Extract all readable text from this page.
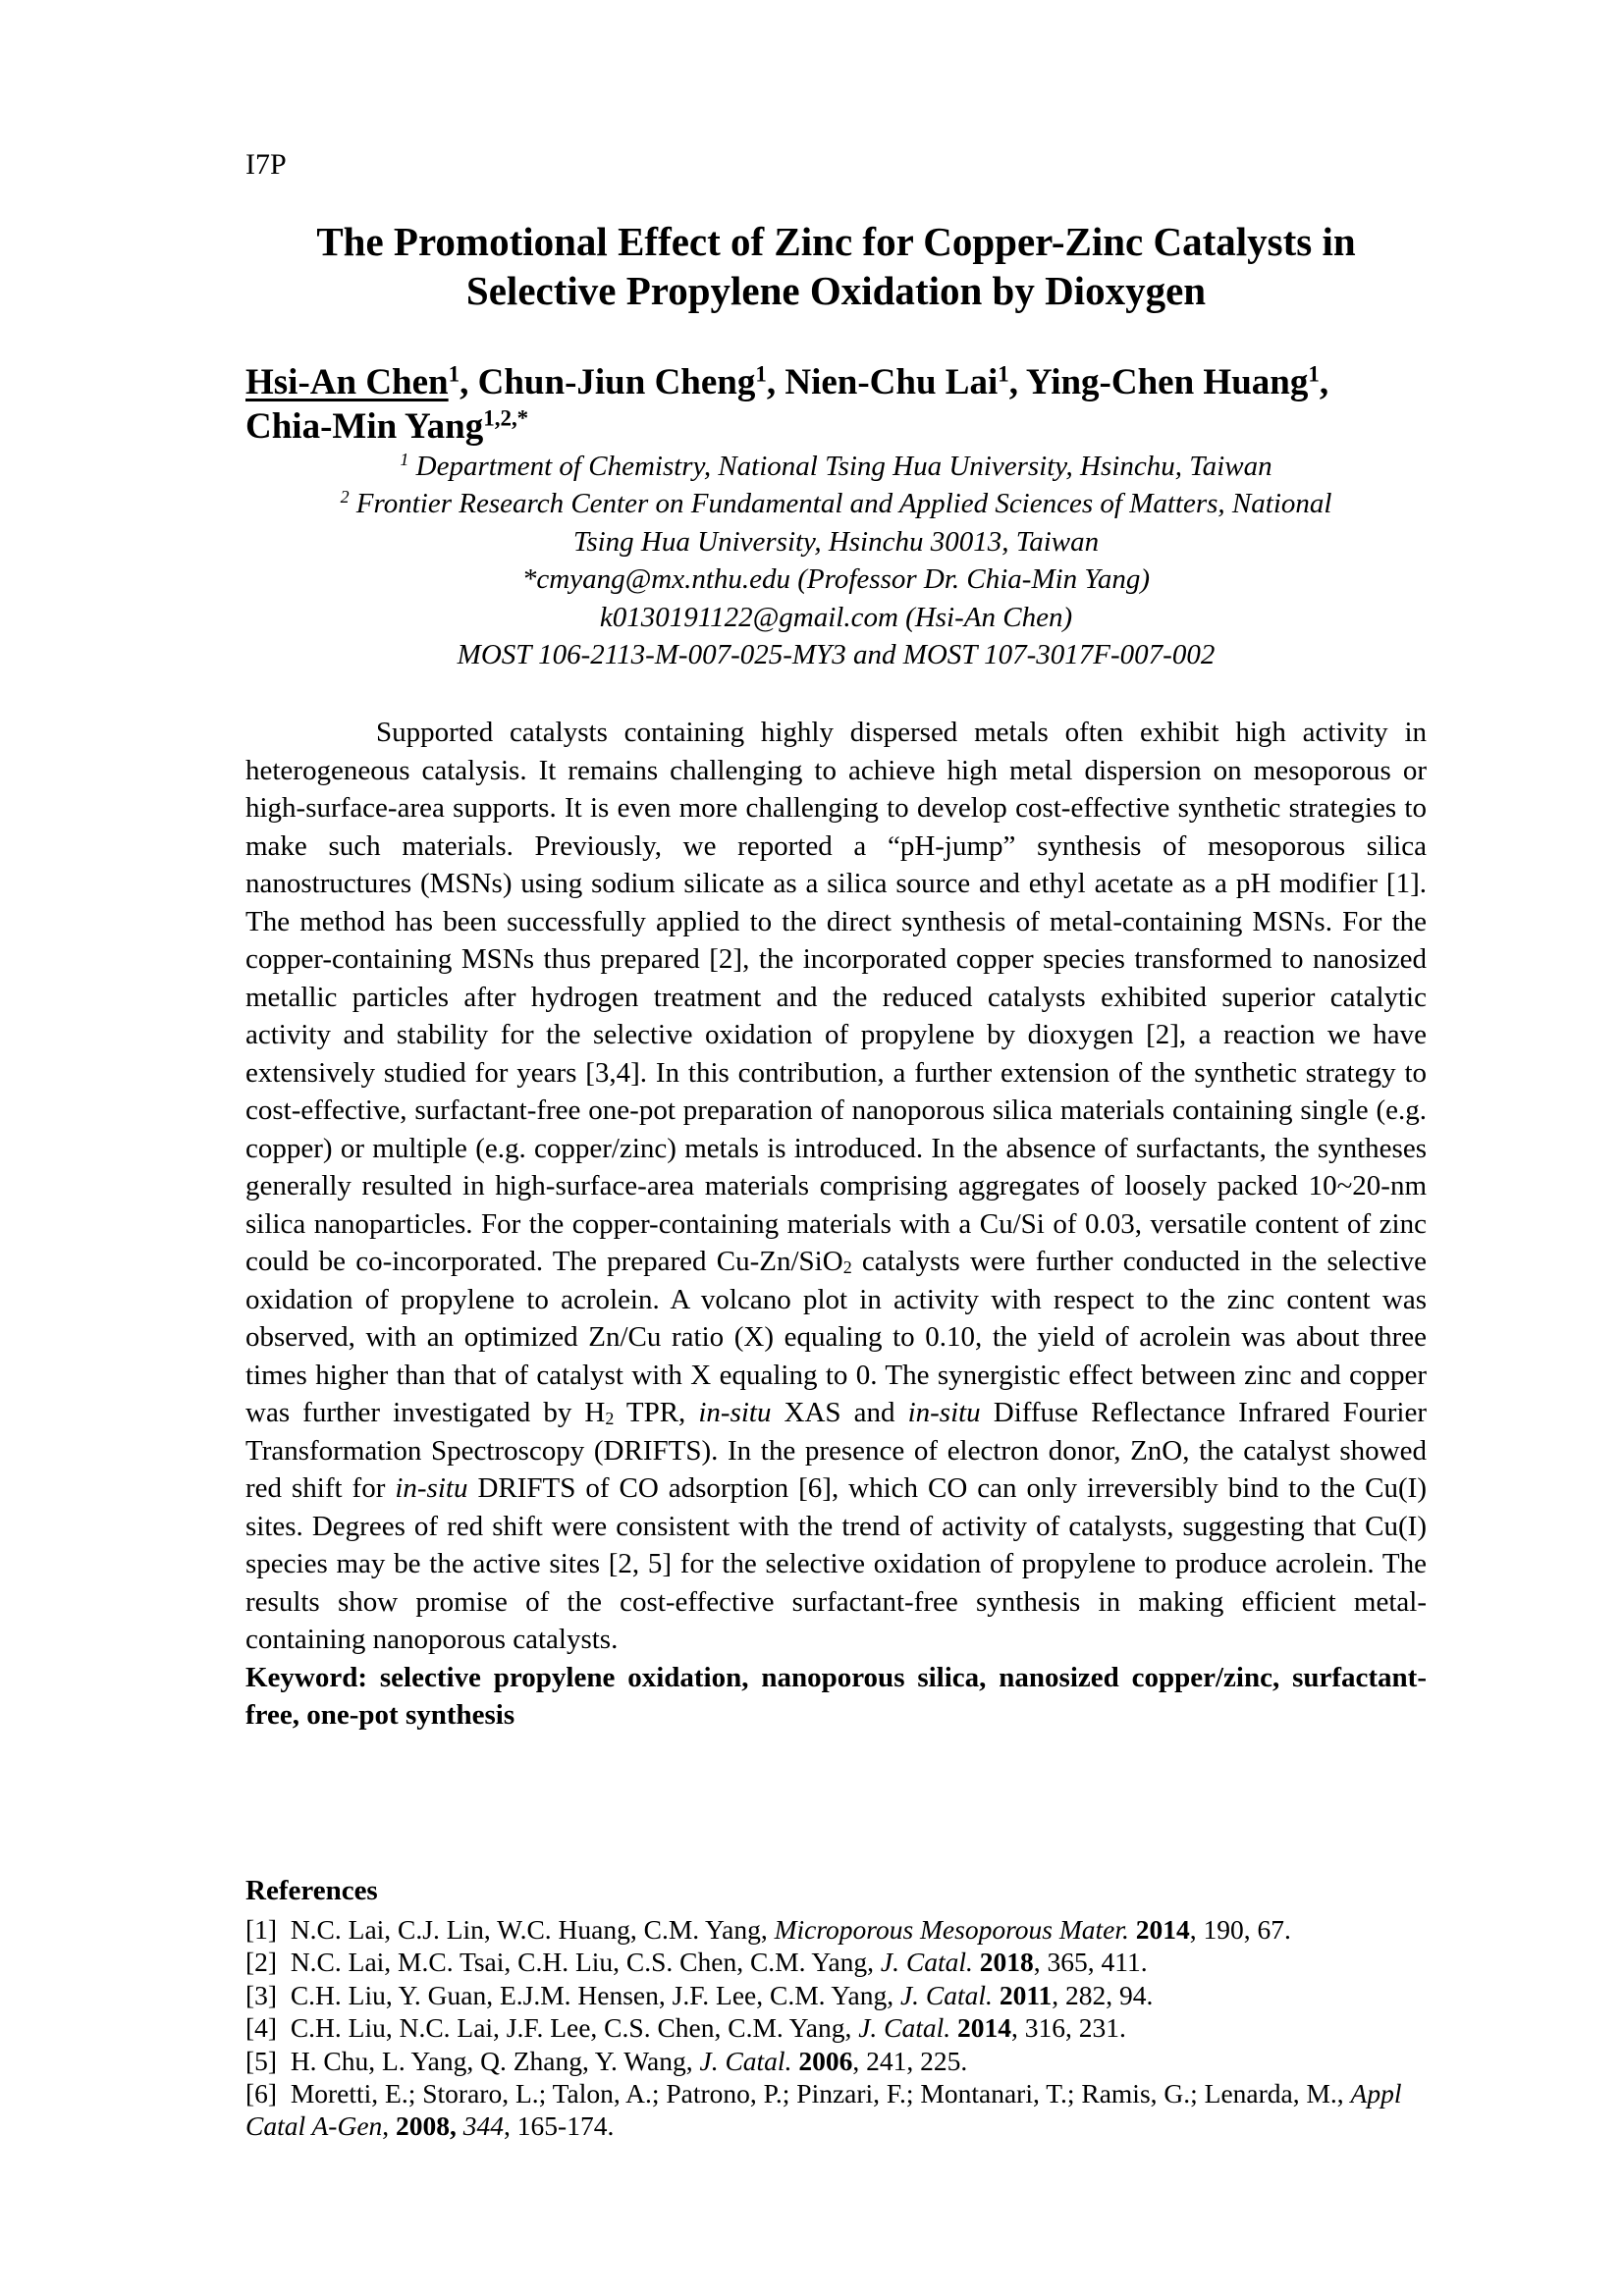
I7P
The Promotional Effect of Zinc for Copper-Zinc Catalysts in
Selective Propylene Oxidation by Dioxygen
Hsi-An Chen$^1$, Chun-Jiun Cheng$^1$, Nien-Chu Lai$^1$, Ying-Chen Huang$^1$,
Chia-Min Yang$^{1,2,*}$
$^1$ Department of Chemistry, National Tsing Hua University, Hsinchu, Taiwan
$^2$ Frontier Research Center on Fundamental and Applied Sciences of Matters, National
Tsing Hua University, Hsinchu 30013, Taiwan
*cmyang@mx.nthu.edu (Professor Dr. Chia-Min Yang)
k0130191122@gmail.com (Hsi-An Chen)
MOST 106-2113-M-007-025-MY3 and MOST 107-3017F-007-002

Supported catalysts containing highly dispersed metals often exhibit high activity in heterogeneous catalysis. It remains challenging to achieve high metal dispersion on mesoporous or high-surface-area supports. It is even more challenging to develop cost-effective synthetic strategies to make such materials. Previously, we reported a “pH-jump” synthesis of mesoporous silica nanostructures (MSNs) using sodium silicate as a silica source and ethyl acetate as a pH modifier [1]. The method has been successfully applied to the direct synthesis of metal-containing MSNs. For the copper-containing MSNs thus prepared [2], the incorporated copper species transformed to nanosized metallic particles after hydrogen treatment and the reduced catalysts exhibited superior catalytic activity and stability for the selective oxidation of propylene by dioxygen [2], a reaction we have extensively studied for years [3,4]. In this contribution, a further extension of the synthetic strategy to cost-effective, surfactant-free one-pot preparation of nanoporous silica materials containing single (e.g. copper) or multiple (e.g. copper/zinc) metals is introduced. In the absence of surfactants, the syntheses generally resulted in high-surface-area materials comprising aggregates of loosely packed 10~20-nm silica nanoparticles. For the copper-containing materials with a Cu/Si of 0.03, versatile content of zinc could be co-incorporated. The prepared Cu-Zn/SiO2 catalysts were further conducted in the selective oxidation of propylene to acrolein. A volcano plot in activity with respect to the zinc content was observed, with an optimized Zn/Cu ratio (X) equaling to 0.10, the yield of acrolein was about three times higher than that of catalyst with X equaling to 0. The synergistic effect between zinc and copper was further investigated by H2 TPR, in-situ XAS and in-situ Diffuse Reflectance Infrared Fourier Transformation Spectroscopy (DRIFTS). In the presence of electron donor, ZnO, the catalyst showed red shift for in-situ DRIFTS of CO adsorption [6], which CO can only irreversibly bind to the Cu(I) sites. Degrees of red shift were consistent with the trend of activity of catalysts, suggesting that Cu(I) species may be the active sites [2, 5] for the selective oxidation of propylene to produce acrolein. The results show promise of the cost-effective surfactant-free synthesis in making efficient metal-containing nanoporous catalysts.

Keyword: selective propylene oxidation, nanoporous silica, nanosized copper/zinc, surfactant-free, one-pot synthesis

References
[1]  N.C. Lai, C.J. Lin, W.C. Huang, C.M. Yang, Microporous Mesoporous Mater. 2014, 190, 67.
[2]  N.C. Lai, M.C. Tsai, C.H. Liu, C.S. Chen, C.M. Yang, J. Catal. 2018, 365, 411.
[3]  C.H. Liu, Y. Guan, E.J.M. Hensen, J.F. Lee, C.M. Yang, J. Catal. 2011, 282, 94.
[4]  C.H. Liu, N.C. Lai, J.F. Lee, C.S. Chen, C.M. Yang, J. Catal. 2014, 316, 231.
[5]  H. Chu, L. Yang, Q. Zhang, Y. Wang, J. Catal. 2006, 241, 225.
[6]  Moretti, E.; Storaro, L.; Talon, A.; Patrono, P.; Pinzari, F.; Montanari, T.; Ramis, G.; Lenarda, M., Appl Catal A-Gen, 2008, 344, 165-174.
